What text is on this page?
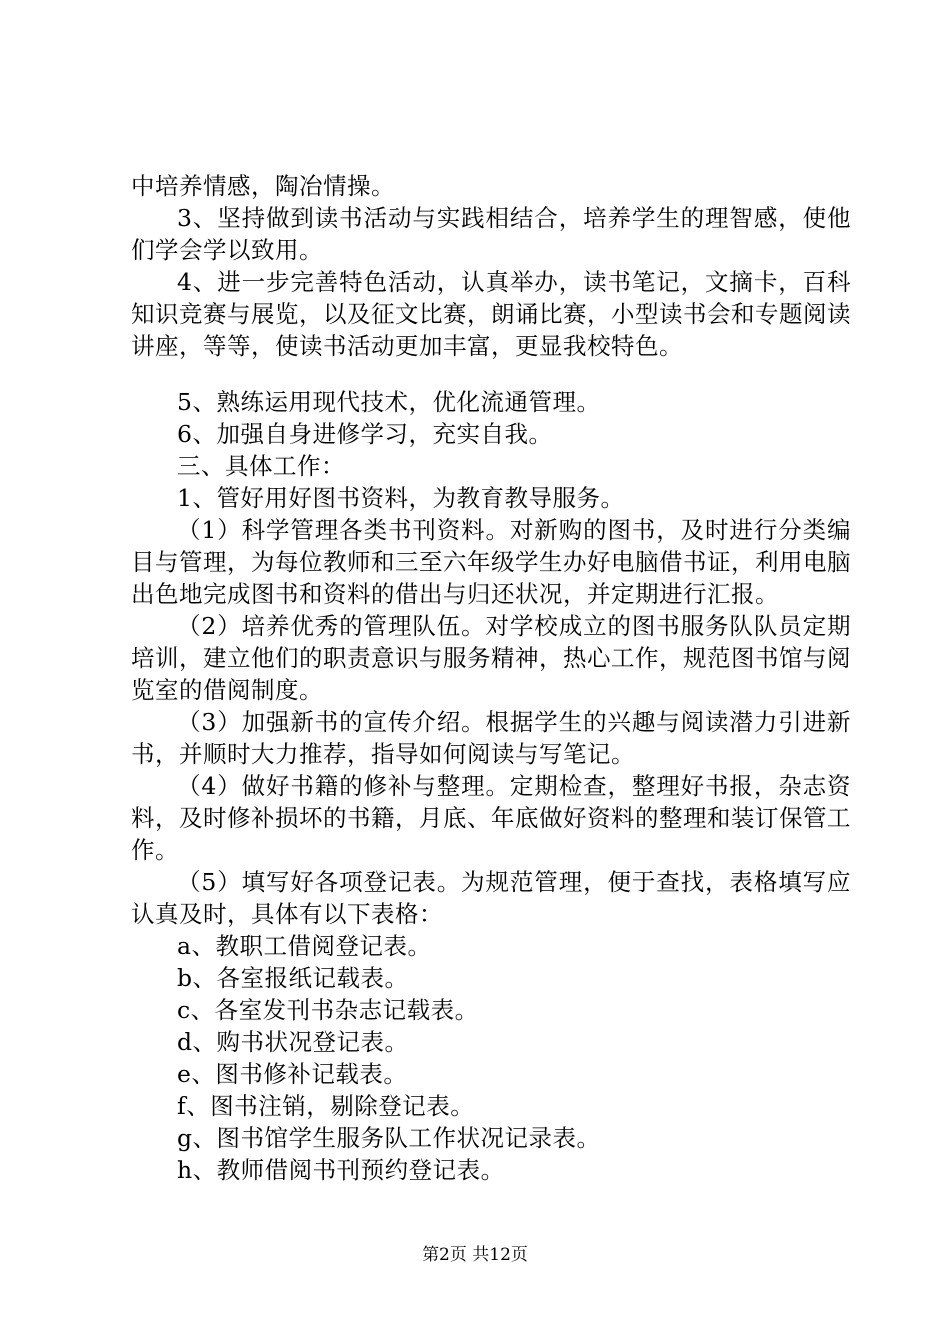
中培养情感，陶冶情操。

3、坚持做到读书活动与实践相结合，培养学生的理智感，使他们学会学以致用。

4、进一步完善特色活动，认真举办，读书笔记，文摘卡，百科知识竞赛与展览，以及征文比赛，朗诵比赛，小型读书会和专题阅读讲座，等等，使读书活动更加丰富，更显我校特色。

5、熟练运用现代技术，优化流通管理。

6、加强自身进修学习，充实自我。

三、具体工作：

1、管好用好图书资料，为教育教导服务。

（1）科学管理各类书刊资料。对新购的图书，及时进行分类编目与管理，为每位教师和三至六年级学生办好电脑借书证，利用电脑出色地完成图书和资料的借出与归还状况，并定期进行汇报。

（2）培养优秀的管理队伍。对学校成立的图书服务队队员定期培训，建立他们的职责意识与服务精神，热心工作，规范图书馆与阅览室的借阅制度。

（3）加强新书的宣传介绍。根据学生的兴趣与阅读潜力引进新书，并顺时大力推荐，指导如何阅读与写笔记。

（4）做好书籍的修补与整理。定期检查，整理好书报，杂志资料，及时修补损坏的书籍，月底、年底做好资料的整理和装订保管工作。

（5）填写好各项登记表。为规范管理，便于查找，表格填写应认真及时，具体有以下表格：

a、教职工借阅登记表。

b、各室报纸记载表。

c、各室发刊书杂志记载表。

d、购书状况登记表。

e、图书修补记载表。

f、图书注销，剔除登记表。

g、图书馆学生服务队工作状况记录表。

h、教师借阅书刊预约登记表。

第2页 共12页
